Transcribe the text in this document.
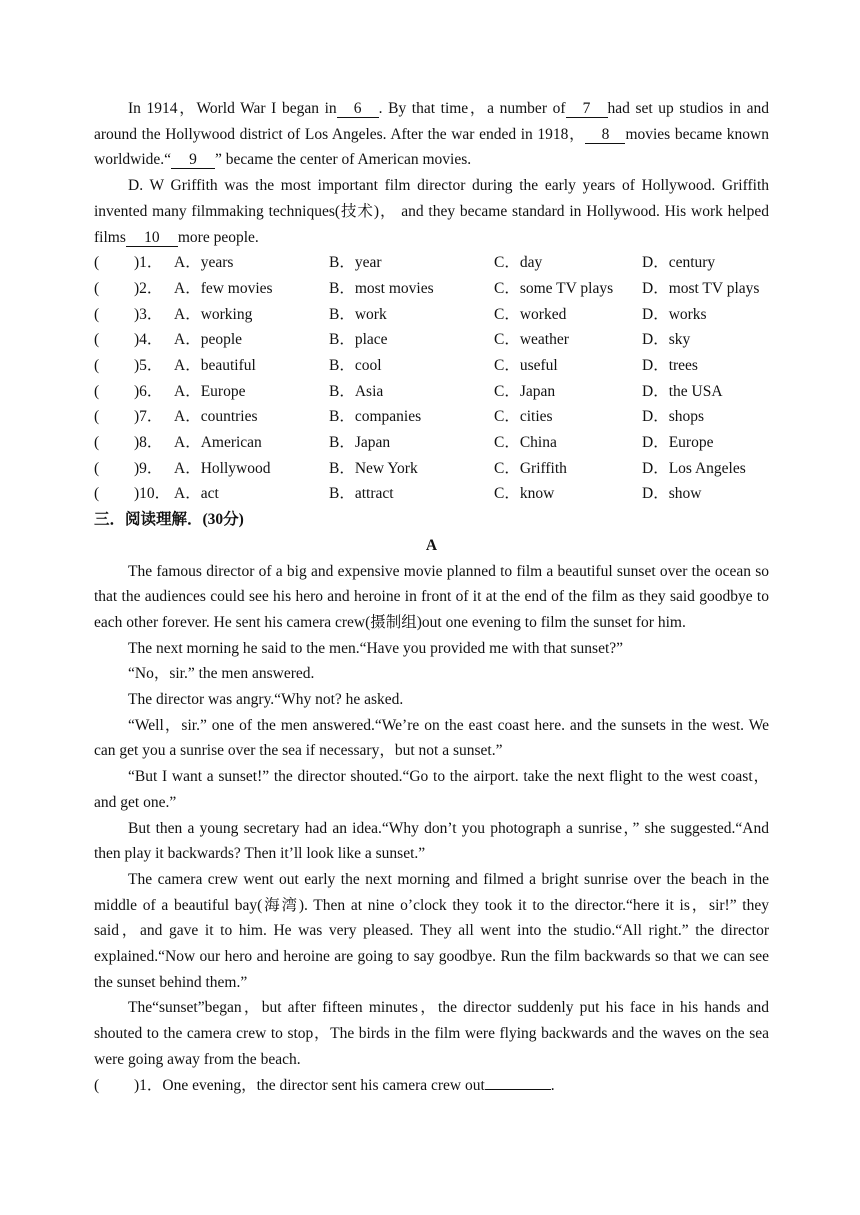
In 1914，World War I began in 6 . By that time，a number of 7 had set up studios in and around the Hollywood district of Los Angeles. After the war ended in 1918， 8 movies became known worldwide.“ 9 ” became the center of American movies.

D. W Griffith was the most important film director during the early years of Hollywood. Griffith invented many filmmaking techniques(技术)， and they became standard in Hollywood. His work helped films 10 more people.

( )1． A．years	B．year	C．day	D．century
( )2． A．few movies	B．most movies	C．some TV plays D．most TV plays
( )3． A．working	B．work	C．worked	D．works
( )4． A．people	B．place	C．weather	D．sky
( )5． A．beautiful	B．cool	C．useful	D．trees
( )6． A．Europe	B．Asia	C．Japan	D．the USA
( )7． A．countries	B．companies	C．cities	D．shops
( )8． A．American	B．Japan	C．China	D．Europe
( )9． A．Hollywood	B．New York	C．Griffith	D．Los Angeles
( )10． A．act	B．attract	C．know	D．show
三．阅读理解．(30分)
A

The famous director of a big and expensive movie planned to film a beautiful sunset over the ocean so that the audiences could see his hero and heroine in front of it at the end of the film as they said goodbye to each other forever. He sent his camera crew(摄制组)out one evening to film the sunset for him.

The next morning he said to the men.“Have you provided me with that sunset?”

“No，sir.” the men answered.

The director was angry.“Why not? he asked.

“Well，sir.” one of the men answered.“We’re on the east coast here. and the sunsets in the west. We can get you a sunrise over the sea if necessary，but not a sunset.”

“But I want a sunset!” the director shouted.“Go to the airport. take the next flight to the west coast，and get one.”

But then a young secretary had an idea.“Why don’t you photograph a sunrise，” she suggested.“And then play it backwards? Then it’ll look like a sunset.”

The camera crew went out early the next morning and filmed a bright sunrise over the beach in the middle of a beautiful bay(海湾). Then at nine o’clock they took it to the director.“here it is，sir!” they said，and gave it to him. He was very pleased. They all went into the studio.“All right.” the director explained.“Now our hero and heroine are going to say goodbye. Run the film backwards so that we can see the sunset behind them.”

The“sunset”began，but after fifteen minutes，the director suddenly put his face in his hands and shouted to the camera crew to stop，The birds in the film were flying backwards and the waves on the sea were going away from the beach.

( )1．One evening，the director sent his camera crew out	.
